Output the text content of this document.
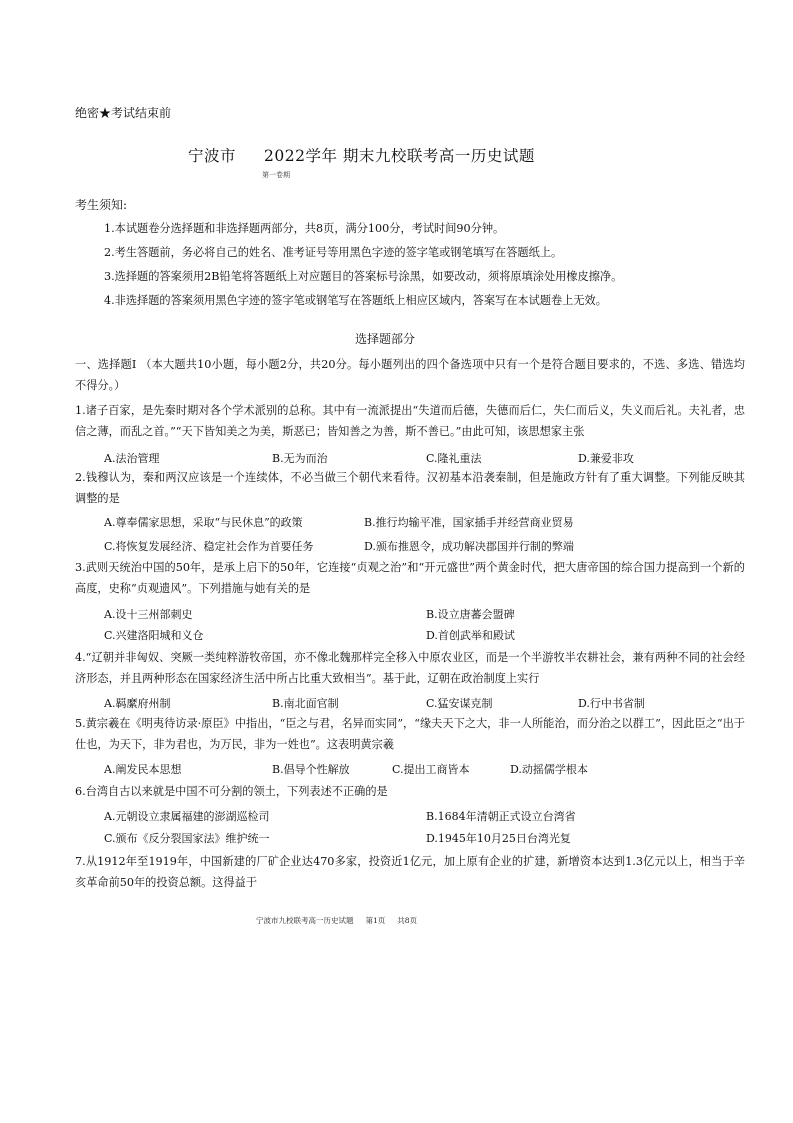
绝密★考试结束前
宁波市 2022学年 期末九校联考高一历史试题
第一卷期
考生须知:
1.本试题卷分选择题和非选择题两部分，共8页，满分100分，考试时间90分钟。
2.考生答题前，务必将自己的姓名、准考证号等用黑色字迹的签字笔或钢笔填写在答题纸上。
3.选择题的答案须用2B铅笔将答题纸上对应题目的答案标号涂黑，如要改动，须将原填涂处用橡皮擦净。
4.非选择题的答案须用黑色字迹的签字笔或钢笔写在答题纸上相应区域内，答案写在本试题卷上无效。
选择题部分
一、选择题Ⅰ （本大题共10小题，每小题2分，共20分。每小题列出的四个备选项中只有一个是符合题目要求的，不选、多选、错选均不得分。）
1.诸子百家，是先秦时期对各个学术派别的总称。其中有一流派提出“失道而后德，失德而后仁，失仁而后义，失义而后礼。夫礼者，忠信之薄，而乱之首。”“天下皆知美之为美，斯恶已；皆知善之为善，斯不善已。”由此可知，该思想家主张
A.法治管理	B.无为而治	C.隆礼重法	D.兼爱非攻
2.钱穆认为，秦和两汉应该是一个连续体，不必当做三个朝代来看待。汉初基本沿袭秦制，但是施政方针有了重大调整。下列能反映其调整的是
A.尊奉儒家思想，采取“与民休息”的政策	B.推行均输平准，国家插手并经营商业贸易
C.将恢复发展经济、稳定社会作为首要任务	D.颁布推恩令，成功解决郡国并行制的弊端
3.武则天统治中国的50年，是承上启下的50年，它连接“贞观之治”和“开元盛世”两个黄金时代，把大唐帝国的综合国力提高到一个新的高度，史称“贞观遗风”。下列措施与她有关的是
A.设十三州部刺史	B.设立唐蕃会盟碑
C.兴建洛阳城和义仓	D.首创武举和殿试
4.“辽朝并非匈奴、突厥一类纯粹游牧帝国，亦不像北魏那样完全移入中原农业区，而是一个半游牧半农耕社会，兼有两种不同的社会经济形态，并且两种形态在国家经济生活中所占比重大致相当”。基于此，辽朝在政治制度上实行
A.羁縻府州制	B.南北面官制	C.猛安谋克制	D.行中书省制
5.黄宗羲在《明夷待访录·原臣》中指出，“臣之与君，名异而实同”，“缘夫天下之大，非一人所能治，而分治之以群工”，因此臣之“出于仕也，为天下，非为君也，为万民，非为一姓也”。这表明黄宗羲
A.阐发民本思想	B.倡导个性解放	C.提出工商皆本	D.动摇儒学根本
6.台湾自古以来就是中国不可分割的领土，下列表述不正确的是
A.元朝设立隶属福建的澎湖巡检司	B.1684年清朝正式设立台湾省
C.颁布《反分裂国家法》维护统一	D.1945年10月25日台湾光复
7.从1912年至1919年，中国新建的厂矿企业达470多家，投资近1亿元，加上原有企业的扩建，新增资本达到1.3亿元以上，相当于辛亥革命前50年的投资总额。这得益于
宁波市九校联考高一历史试题 第1页 共8页
